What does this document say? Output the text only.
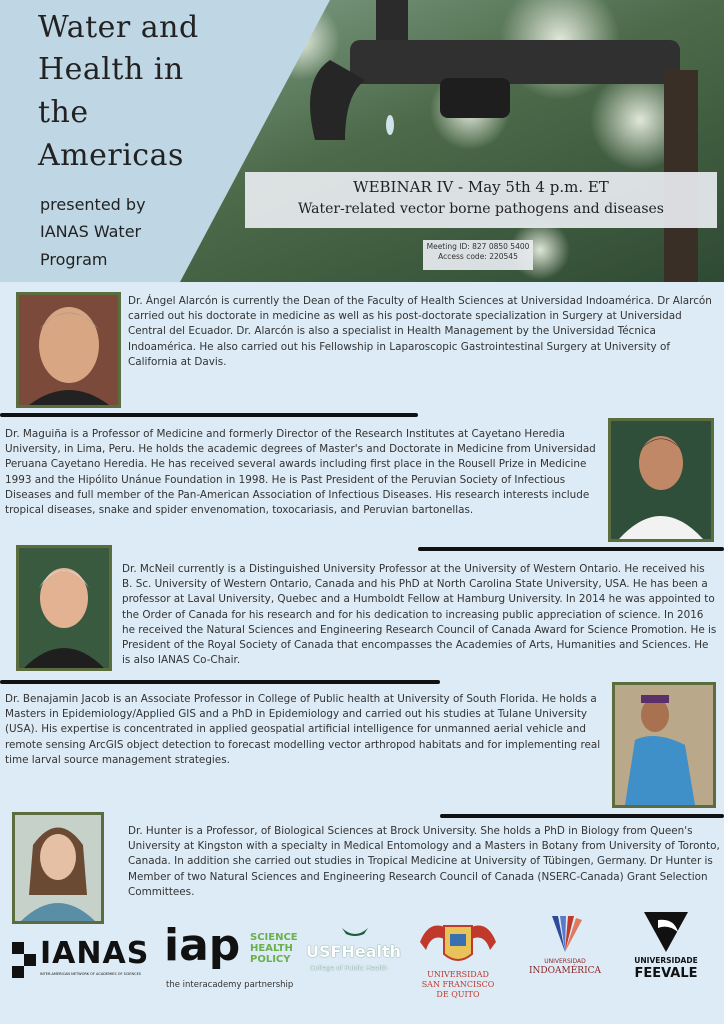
Water and
Health in
the
Americas
presented by
IANAS Water
Program
WEBINAR IV - May 5th 4 p.m. ET
Water-related vector borne pathogens and diseases
Meeting ID: 827 0850 5400
Access code: 220545
Dr. Ángel Alarcón is currently the Dean of the Faculty of Health Sciences at Universidad Indoamérica. Dr Alarcón carried out his doctorate in medicine as well as his post-doctorate specialization in Surgery at Universidad Central del Ecuador. Dr. Alarcón is also a specialist in Health Management by the Universidad Técnica Indoamérica. He also carried out his Fellowship in Laparoscopic Gastrointestinal Surgery at University of California at Davis.
Dr. Maguiña is a Professor of Medicine and formerly Director of the Research Institutes at Cayetano Heredia University, in Lima, Peru. He holds the academic degrees of Master's and Doctorate in Medicine from Universidad Peruana Cayetano Heredia. He has received several awards including first place in the Rousell Prize in Medicine 1993 and the Hipólito Unánue Foundation in 1998. He is Past President of the Peruvian Society of Infectious Diseases and full member of the Pan-American Association of Infectious Diseases. His research interests include tropical diseases, snake and spider envenomation, toxocariasis, and Peruvian bartonellas.
Dr. McNeil currently is a Distinguished University Professor at the University of Western Ontario. He received his B. Sc. University of Western Ontario, Canada and his PhD at North Carolina State University, USA. He has been a professor at Laval University, Quebec and a Humboldt Fellow at Hamburg University. In 2014 he was appointed to the Order of Canada for his research and for his dedication to increasing public appreciation of science. In 2016 he received the Natural Sciences and Engineering Research Council of Canada Award for Science Promotion. He is President of the Royal Society of Canada that encompasses the Academies of Arts, Humanities and Sciences. He is also IANAS Co-Chair.
Dr. Benajamin Jacob is an Associate Professor in College of Public health at University of South Florida. He holds a Masters in Epidemiology/Applied GIS and a PhD in Epidemiology and carried out his studies at Tulane University (USA). His expertise is concentrated in applied geospatial artificial intelligence for unmanned aerial vehicle and remote sensing ArcGIS object detection to forecast modelling vector arthropod habitats and for implementing real time larval source management strategies.
Dr. Hunter is a Professor, of Biological Sciences at Brock University. She holds a PhD in Biology from Queen's University at Kingston with a specialty in Medical Entomology and a Masters in Botany from University of Toronto, Canada. In addition she carried out studies in Tropical Medicine at University of Tübingen, Germany. Dr Hunter is Member of two Natural Sciences and Engineering Research Council of Canada (NSERC-Canada) Grant Selection Committees.
IANAS
INTER-AMERICAN NETWORK OF ACADEMIES OF SCIENCES
iap SCIENCE
HEALTH
POLICY
the interacademy partnership
USFHealth
College of Public Health
UNIVERSIDAD
SAN FRANCISCO
DE QUITO
UNIVERSIDAD
INDOAMÉRICA
UNIVERSIDADE
FEEVALE
